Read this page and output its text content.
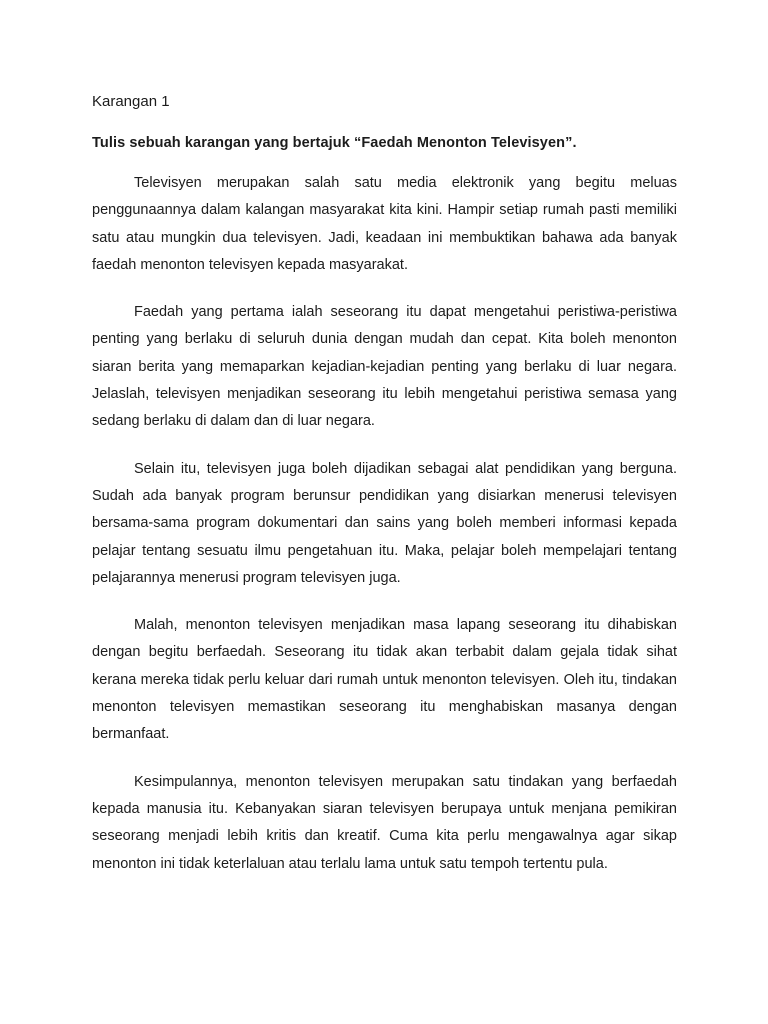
Karangan 1
Tulis sebuah karangan yang bertajuk “Faedah Menonton Televisyen”.

Televisyen merupakan salah satu media elektronik yang begitu meluas penggunaannya dalam kalangan masyarakat kita kini. Hampir setiap rumah pasti memiliki satu atau mungkin dua televisyen. Jadi, keadaan ini membuktikan bahawa ada banyak faedah menonton televisyen kepada masyarakat.

Faedah yang pertama ialah seseorang itu dapat mengetahui peristiwa-peristiwa penting yang berlaku di seluruh dunia dengan mudah dan cepat. Kita boleh menonton siaran berita yang memaparkan kejadian-kejadian penting yang berlaku di luar negara. Jelaslah, televisyen menjadikan seseorang itu lebih mengetahui peristiwa semasa yang sedang berlaku di dalam dan di luar negara.

Selain itu, televisyen juga boleh dijadikan sebagai alat pendidikan yang berguna. Sudah ada banyak program berunsur pendidikan yang disiarkan menerusi televisyen bersama-sama program dokumentari dan sains yang boleh memberi informasi kepada pelajar tentang sesuatu ilmu pengetahuan itu. Maka, pelajar boleh mempelajari tentang pelajarannya menerusi program televisyen juga.

Malah, menonton televisyen menjadikan masa lapang seseorang itu dihabiskan dengan begitu berfaedah. Seseorang itu tidak akan terbabit dalam gejala tidak sihat kerana mereka tidak perlu keluar dari rumah untuk menonton televisyen. Oleh itu, tindakan menonton televisyen memastikan seseorang itu menghabiskan masanya dengan bermanfaat.

Kesimpulannya, menonton televisyen merupakan satu tindakan yang berfaedah kepada manusia itu. Kebanyakan siaran televisyen berupaya untuk menjana pemikiran seseorang menjadi lebih kritis dan kreatif. Cuma kita perlu mengawalnya agar sikap menonton ini tidak keterlaluan atau terlalu lama untuk satu tempoh tertentu pula.
